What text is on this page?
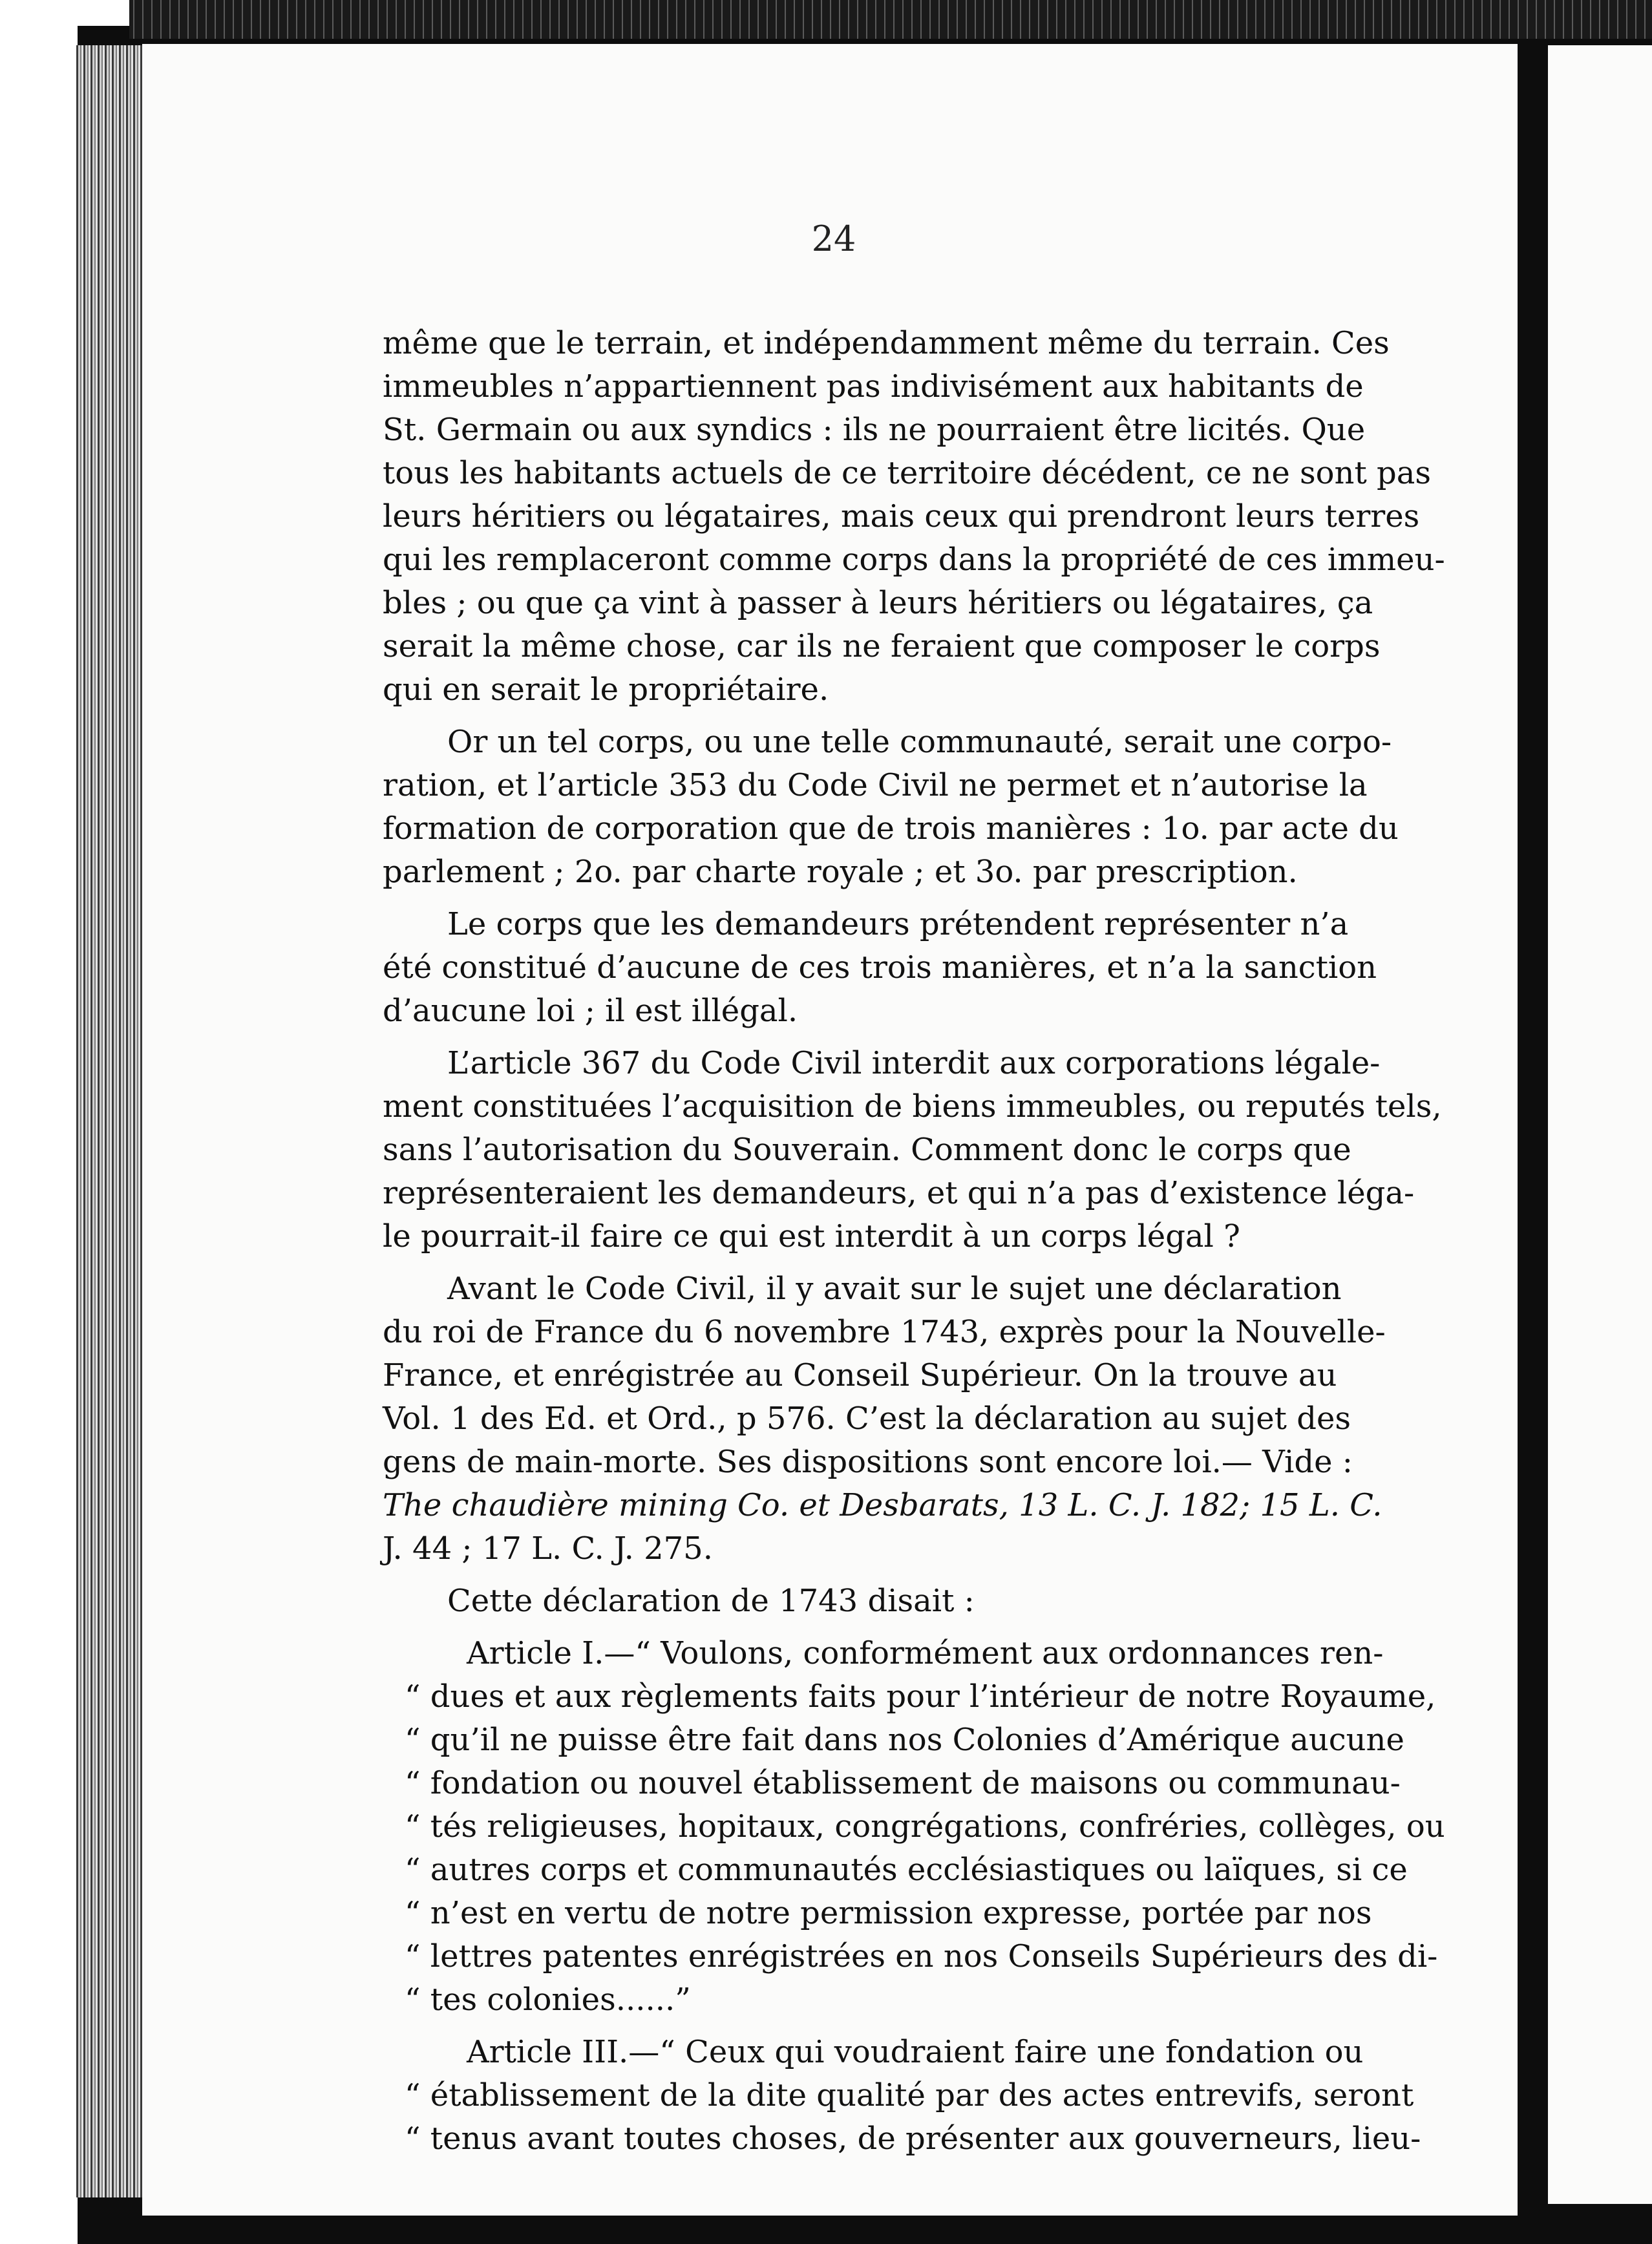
24
même que le terrain, et indépendamment même du terrain. Ces
immeubles n’appartiennent pas indivisément aux habitants de
St. Germain ou aux syndics : ils ne pourraient être licités. Que
tous les habitants actuels de ce territoire décédent, ce ne sont pas
leurs héritiers ou légataires, mais ceux qui prendront leurs terres
qui les remplaceront comme corps dans la propriété de ces immeu-
bles ; ou que ça vint à passer à leurs héritiers ou légataires, ça
serait la même chose, car ils ne feraient que composer le corps
qui en serait le propriétaire.
Or un tel corps, ou une telle communauté, serait une corpo-
ration, et l’article 353 du Code Civil ne permet et n’autorise la
formation de corporation que de trois manières : 1o. par acte du
parlement ; 2o. par charte royale ; et 3o. par prescription.
Le corps que les demandeurs prétendent représenter n’a
été constitué d’aucune de ces trois manières, et n’a la sanction
d’aucune loi ; il est illégal.
L’article 367 du Code Civil interdit aux corporations légale-
ment constituées l’acquisition de biens immeubles, ou reputés tels,
sans l’autorisation du Souverain. Comment donc le corps que
représenteraient les demandeurs, et qui n’a pas d’existence léga-
le pourrait-il faire ce qui est interdit à un corps légal ?
Avant le Code Civil, il y avait sur le sujet une déclaration
du roi de France du 6 novembre 1743, exprès pour la Nouvelle-
France, et enrégistrée au Conseil Supérieur. On la trouve au
Vol. 1 des Ed. et Ord., p 576. C’est la déclaration au sujet des
gens de main-morte. Ses dispositions sont encore loi.— Vide :
The chaudière mining Co. et Desbarats, 13 L. C. J. 182; 15 L. C.
J. 44 ; 17 L. C. J. 275.
Cette déclaration de 1743 disait :
Article I.—“ Voulons, conformément aux ordonnances ren-
“ dues et aux règlements faits pour l’intérieur de notre Royaume,
“ qu’il ne puisse être fait dans nos Colonies d’Amérique aucune
“ fondation ou nouvel établissement de maisons ou communau-
“ tés religieuses, hopitaux, congrégations, confréries, collèges, ou
“ autres corps et communautés ecclésiastiques ou laïques, si ce
“ n’est en vertu de notre permission expresse, portée par nos
“ lettres patentes enrégistrées en nos Conseils Supérieurs des di-
“ tes colonies......”
Article III.—“ Ceux qui voudraient faire une fondation ou
“ établissement de la dite qualité par des actes entrevifs, seront
“ tenus avant toutes choses, de présenter aux gouverneurs, lieu-
